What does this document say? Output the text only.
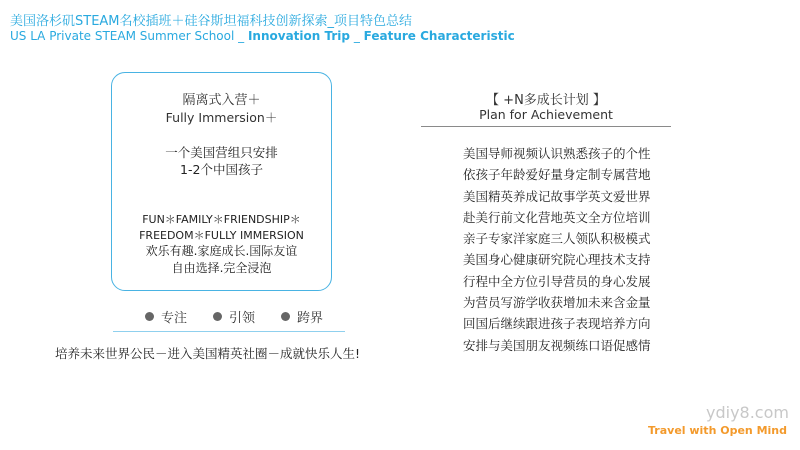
美国洛杉矶STEAM名校插班＋硅谷斯坦福科技创新探索_项目特色总结
US LA Private STEAM Summer School _ Innovation Trip _ Feature Characteristic
隔离式入营＋
Fully Immersion＋
一个美国营组只安排
1-2个中国孩子
FUN＊FAMILY＊FRIENDSHIP＊
FREEDOM＊FULLY IMMERSION
欢乐有趣.家庭成长.国际友谊
自由选择.完全浸泡
专注	引领	跨界
培养未来世界公民－进入美国精英社圈－成就快乐人生!
【 +N多成长计划 】
Plan for Achievement
美国导师视频认识熟悉孩子的个性
依孩子年龄爱好量身定制专属营地
美国精英养成记故事学英文爱世界
赴美行前文化营地英文全方位培训
亲子专家洋家庭三人领队积极模式
美国身心健康研究院心理技术支持
行程中全方位引导营员的身心发展
为营员写游学收获增加未来含金量
回国后继续跟进孩子表现培养方向
安排与美国朋友视频练口语促感情
ydiy8.com
Travel with Open Mind
